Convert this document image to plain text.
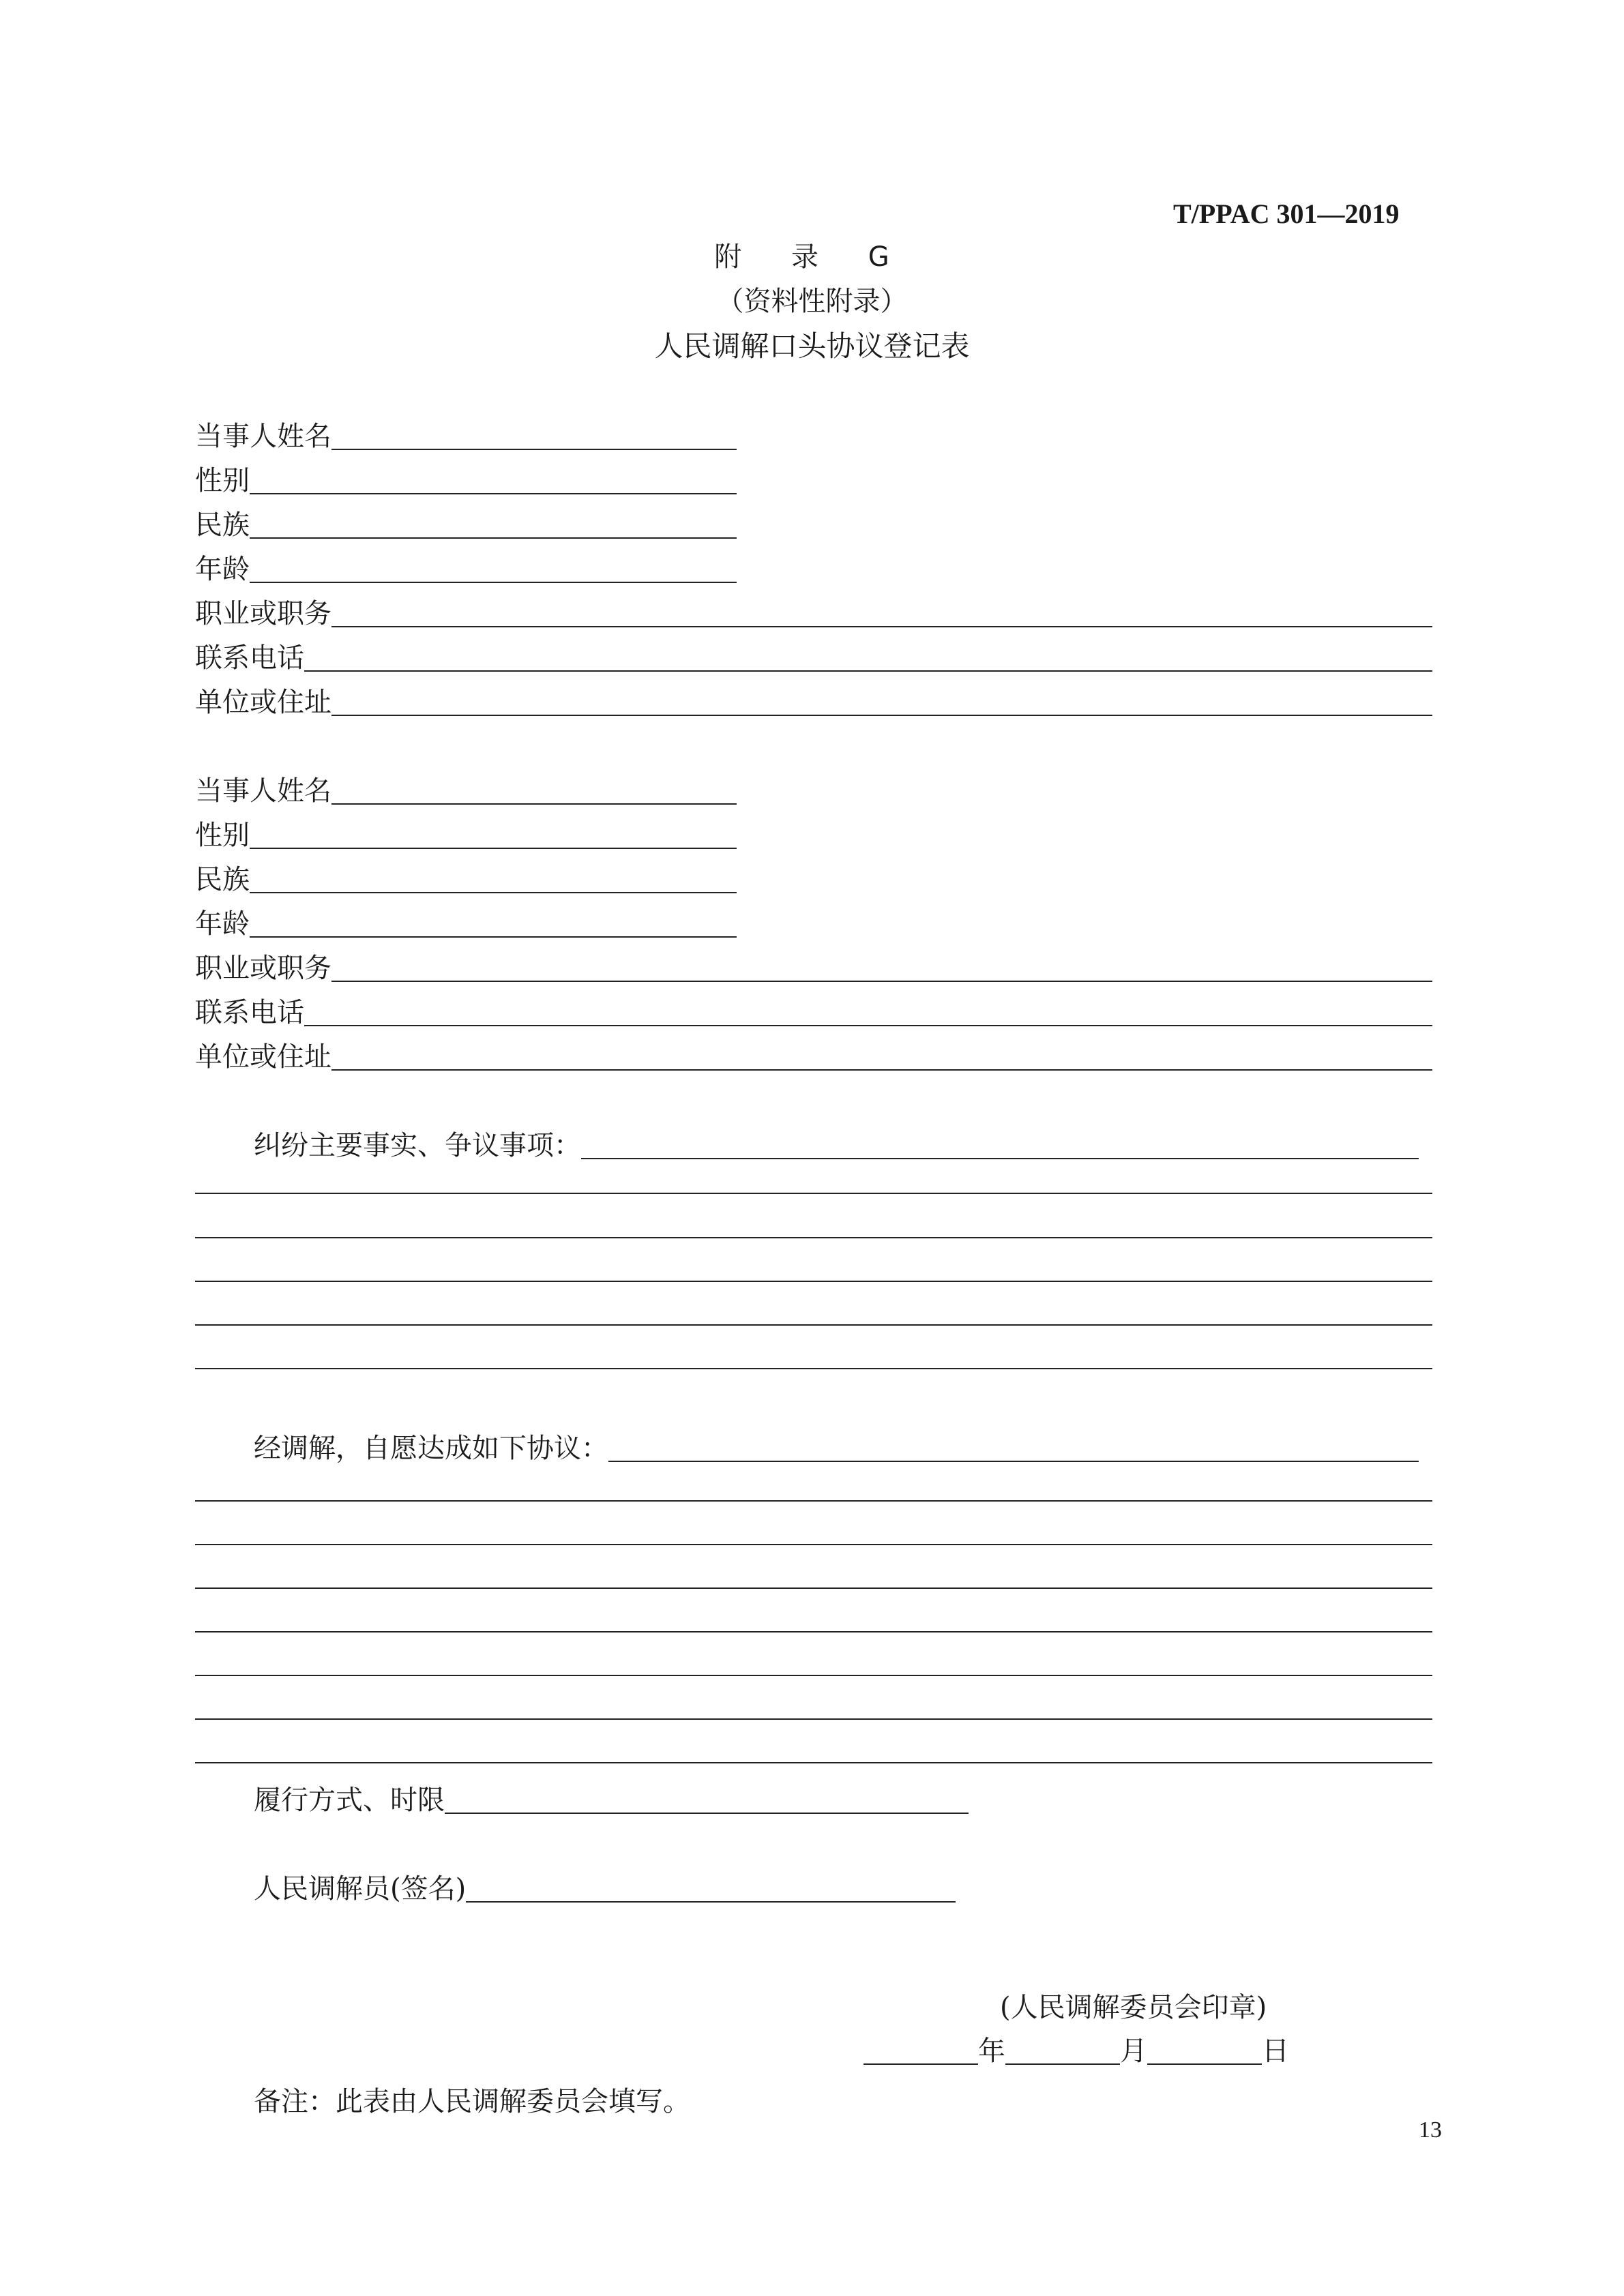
T/PPAC 301—2019
附 录 G
（资料性附录）
人民调解口头协议登记表
当事人姓名
性别
民族
年龄
职业或职务
联系电话
单位或住址
当事人姓名
性别
民族
年龄
职业或职务
联系电话
单位或住址
纠纷主要事实、争议事项：
经调解，自愿达成如下协议：
履行方式、时限
人民调解员(签名)
(人民调解委员会印章)
年	月	日
备注：此表由人民调解委员会填写。
13
